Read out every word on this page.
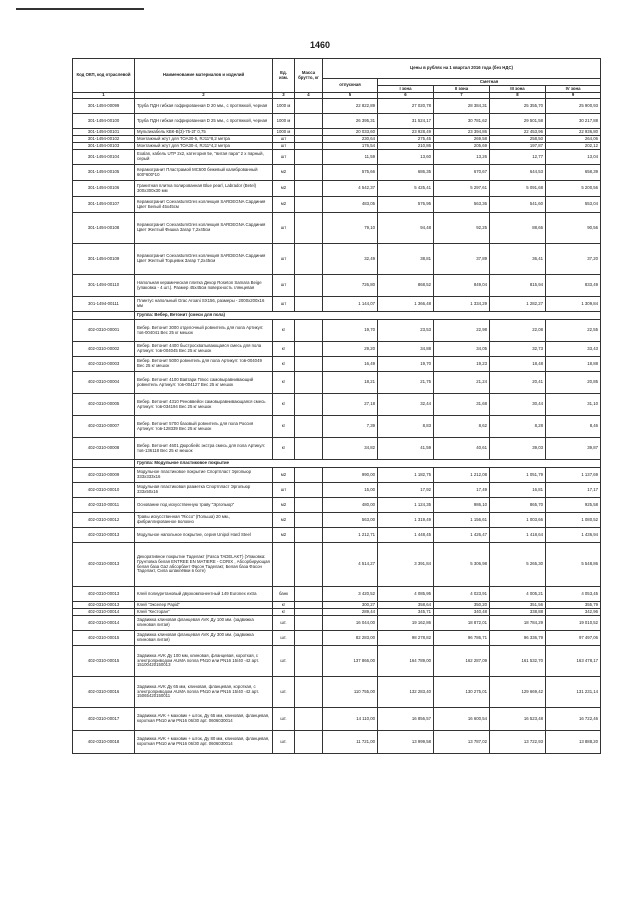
1460
Код ОКП, код отраслевой	Наименование материалов и изделий	Ед. изм.	Масса брутто, кг	Цены в рублях на 1 квартал 2016 года (без НДС)				
				отпускная	Сметная			
					I зона	II зона	III зона	IV зона
1	2	3	4	5	6	7	8	9
301-1494-00099	Труба ПДН гибкая гофрированная D 20 мм., с протяжкой, черная	1000 м		22 822,89	27 020,78	28 384,31	25 355,70	25 900,93
301-1494-00100	Труба ПДН гибкая гофрированная D 25 мм., с протяжкой, черная	1000 м		26 395,31	31 524,17	30 781,62	29 501,58	30 217,88
301-1494-00101	Мультикабель КВК-В(3)-75-2Г 0,75	1000 м		20 033,60	23 928,49	23 394,86	22 453,96	22 936,80
301-1494-00102	Монтажный жгут для ТОА30-5, RJ11*8,2 метра	шт		230,64	275,45	269,58	258,50	264,06
301-1494-00103	Монтажный жгут для ТОА30-4, RJ11*4,2 метра	шт		176,54	210,86	205,69	197,87	202,12
301-1494-00104	Exalan, кабель UTP 2x2, категория 5e, "витая пара" 2 х парный, серый	шт		11,59	13,60	13,26	12,77	13,04
301-1494-00105	Керамогранит Пластрамой МС600 бежевый калиброванный 600*600*10	м2		575,66	686,35	670,67	644,53	658,39
301-1494-00106	Гранитная плитка полированная Blue pearl, Labrador (Betel) 300x300x30 мм	м2		4 542,37	5 425,41	5 297,61	5 091,68	5 200,56
301-1494-00107	Керамогранит CoexastumGres коллекция SARDEGNA Сардиния Цвет Белый 45x45см	м2		483,05	576,95	563,36	541,60	553,04
301-1494-00108	Керамогранит CoexastumGres коллекция SARDEGNA Сардиния Цвет Желтый Фишка Загар 7,2x45см	шт		79,10	94,48	92,25	88,66	90,56
301-1494-00109	Керамогранит CoexastumGres коллекция SARDEGNA Сардиния Цвет Желтый Торцевик Загар 7,2x45см	шт		32,49	38,81	37,89	36,41	37,20
301-1494-00110	Напольная керамическая плитка Декор Roseton Samara Beige (упаковка - 4 шт.). Размер 45x45см поверхность глянцевая	шт		726,80	868,52	849,04	815,94	833,49
301-1494-00111	Плинтус напольный Grac Aroani SX156, размеры - 2000x200x16 мм	шт		1 144,07	1 366,48	1 334,29	1 282,27	1 309,84
	Группа: Вебер, Ветонит (смеси для пола)							
402-0310-00001	Вебер. Ветонит 3000 отделочный ровнитель для пола Артикул: тов-004041 Вес 25 кг мешок	кг		19,70	23,53	22,98	22,08	22,55
402-0310-00002	Вебер. Ветонит 4400 быстросхватывающаяся смесь для пола Артикул: тов-004045 Вес 25 кг мешок	кг		29,20	34,88	34,05	32,73	33,43
402-0310-00003	Вебер. Ветонит 5000 ровнитель для пола Артикул: тов-004049 Вес 25 кг мешок	кг		16,49	19,70	19,23	18,48	18,88
402-0310-00004	Вебер. Ветонит 4100 Вавтари Плюс самовыравнивающий ровнитель Артикул: тов-004127 Вес 25 кг мешок	кг		18,21	21,75	21,24	20,41	20,85
402-0310-00005	Вебер. Ветонит 4310 Реноввейсн самовыравнивающаяся смесь Артикул: тов-034194 Вес 25 кг мешок	кг		27,18	32,44	31,68	30,44	31,10
402-0310-00007	Вебер. Ветонит 5700 базовый ровнитель для пола Россия Артикул: тов-128339 Вес 25 кг мешок	кг		7,39	8,83	8,62	8,28	8,46
402-0310-00008	Вебер. Ветонит 4601 Дюробейс экстра смесь для пола Артикул: тов-136118 Вес 25 кг мешок	кг		34,82	41,59	40,61	39,03	39,87
	Группа: Модульное пластиковое покрытие							
402-0310-00009	Модульное пластиковое покрытие Спортплаcт Эргопьюр 333x333x16	м2		990,00	1 182,75	1 212,08	1 051,79	1 137,69
402-0310-00010	Модульная пластиковая разметка Спортплаcт Эргопьюр 333x50x16	шт		15,00	17,92	17,49	16,81	17,17
402-0310-00011	Основание под искусственную траву "Эргопьюр"	м2		480,00	1 124,35	986,10	865,70	925,58
402-0310-00012	Травы искусственная "Ricco" (Польша) 20 мм., фибриллированное волокно	м2		563,00	1 319,49	1 156,61	1 003,66	1 080,52
402-0310-00013	Модульное напольное покрытие, серия Unipol Hard Steel	м2		1 212,71	1 448,45	1 426,47	1 418,64	1 436,94
402-0310-00013	Декоративное покрытие Таделакт (Fasca TADELAKT) (Упаковка: Грунтовка белая ENTREE EN MATIERE - CORIX , Абсорбирующая белая база Gaz абсорбант Фасон Таделакт, Белая база Фасон Таделакт, Сила шпаклёвки в боте)			4 514,27	3 391,84	5 306,98	5 265,30	5 548,86
402-0310-00013	Клей полиуретановый двухкомпонентный 149 Euronex extra	банк		3 420,52	4 085,95	4 023,91	4 005,21	4 053,45
402-0310-00013	Клей "Экселер Рapid"	кг		300,27	358,64	350,20	351,56	355,79
402-0310-00014	Клей "Кесторан"	кг		289,44	345,71	340,48	338,88	342,96
402-0310-00014	Задвижка клиновая фланцевая AVK Ду 100 мм. (задвижка клиновая литая)	шт.		16 044,00	19 162,86	18 872,01	18 784,29	19 010,52
402-0310-00015	Задвижка клиновая фланцевая AVK Ду 300 мм. (задвижка клиновая литая)	шт.		82 283,00	98 278,82	96 786,71	96 336,79	97 497,06
402-0310-00015	Задвижка AVK Ду 100 мм, клиновая, фланцевая, короткая, с электроприводом AUMA попла PN10 или PN16 15/40 -42 арт. 15100420150013	шт.		137 866,00	164 789,00	162 287,09	161 532,70	163 478,17
402-0310-00016	Задвижка AVK Ду 65 мм, клиновая, фланцевая, короткая, с электроприводом AUMA попла PN10 или PN16 15/40 -42 арт. 15065420150011	шт.		110 755,00	132 283,40	130 275,01	129 669,42	131 231,14
402-0310-00017	Задвижка AVK + маховик + шток, Ду 65 мм, клиновая, фланцевая, короткая PN10 или PN16 06/30 арт. 0606030014	шт.		14 110,00	16 856,57	16 600,54	16 523,48	16 722,46
402-0310-00018	Задвижка AVK + маховик + шток, Ду 80 мм, клиновая, фланцевая, короткая PN10 или PN16 06/30 арт. 0606030014	шт.		11 721,00	13 999,58	13 787,02	13 722,93	13 888,20
